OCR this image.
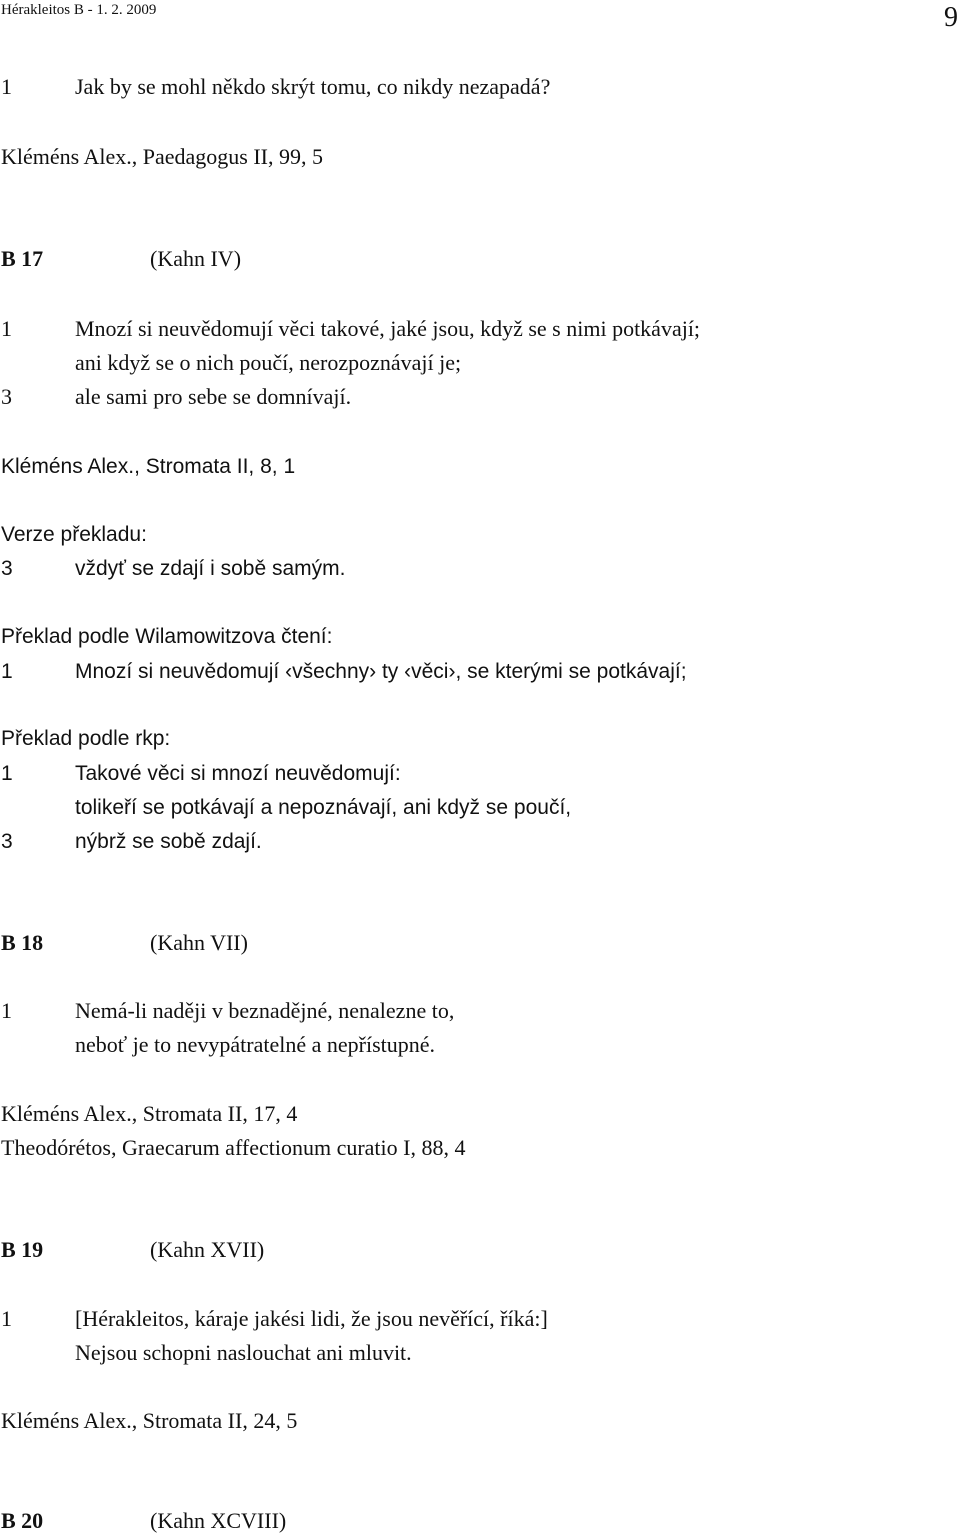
Hérakleitos B - 1. 2. 2009	9
1	Jak by se mohl někdo skrýt tomu, co nikdy nezapadá?
Kléméns Alex., Paedagogus II, 99, 5
B 17	(Kahn IV)
1	Mnozí si neuvědomují věci takové, jaké jsou, když se s nimi potkávají;
ani když se o nich poučí, nerozpoznávají je;
3	ale sami pro sebe se domnívají.
Kléméns Alex., Stromata II, 8, 1
Verze překladu:
3	vždyť se zdají i sobě samým.
Překlad podle Wilamowitzova čtení:
1	Mnozí si neuvědomují ‹všechny› ty ‹věci›, se kterými se potkávají;
Překlad podle rkp:
1	Takové věci si mnozí neuvědomují:
tolikeří se potkávají a nepoznávají, ani když se poučí,
3	nýbrž se sobě zdají.
B 18	(Kahn VII)
1	Nemá-li naději v beznadějné, nenalezne to,
neboť je to nevypátratelné a nepřístupné.
Kléméns Alex., Stromata II, 17, 4
Theodórétos, Graecarum affectionum curatio I, 88, 4
B 19	(Kahn XVII)
1	[Hérakleitos, káraje jakési lidi, že jsou nevěřící, říká:]
Nejsou schopni naslouchat ani mluvit.
Kléméns Alex., Stromata II, 24, 5
B 20	(Kahn XCVIII)
